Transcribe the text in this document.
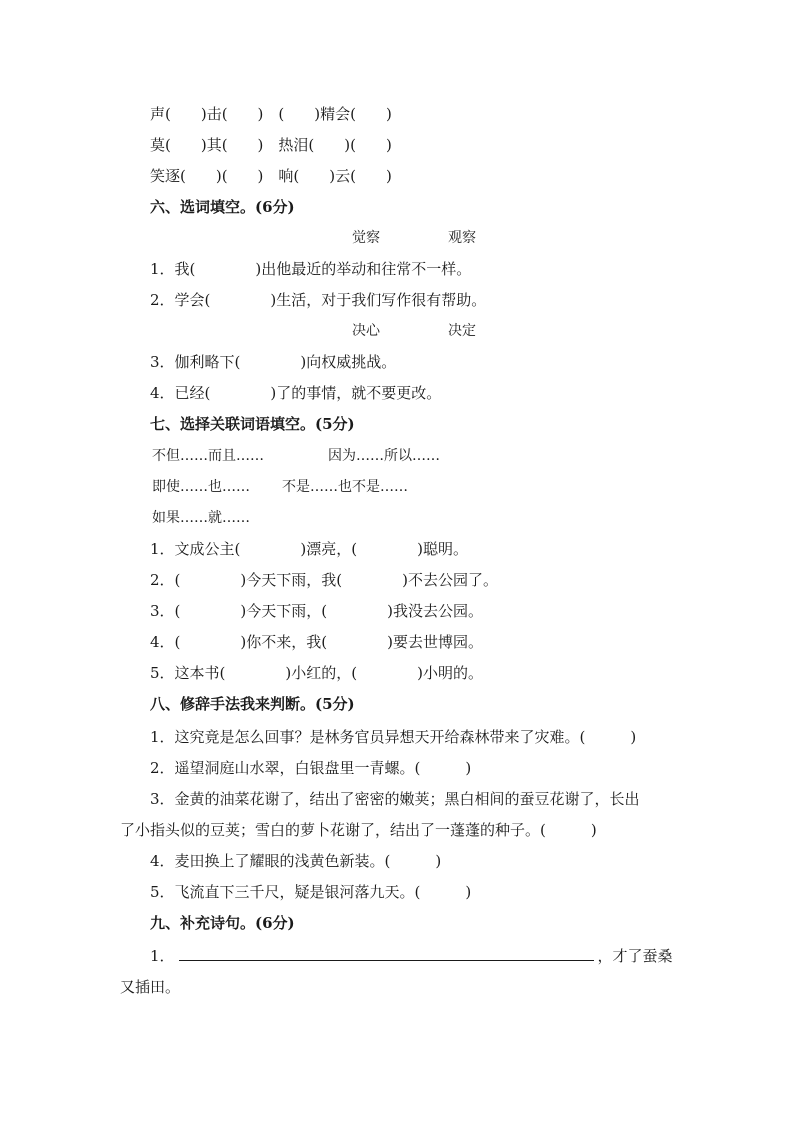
声(　　)击(　　)　(　　)精会(　　)
莫(　　)其(　　)　热泪(　　)(　　)
笑逐(　　)(　　)　响(　　)云(　　)
六、选词填空。(6分)
觉察	观察
1．我(　　　　)出他最近的举动和往常不一样。
2．学会(　　　　)生活，对于我们写作很有帮助。
决心	决定
3．伽利略下(　　　　)向权威挑战。
4．已经(　　　　)了的事情，就不要更改。
七、选择关联词语填空。(5分)
不但……而且……	因为……所以……
即使……也…… 不是……也不是……
如果……就……
1．文成公主(　　　　)漂亮，(　　　　)聪明。
2．(　　　　)今天下雨，我(　　　　)不去公园了。
3．(　　　　)今天下雨，(　　　　)我没去公园。
4．(　　　　)你不来，我(　　　　)要去世博园。
5．这本书(　　　　)小红的，(　　　　)小明的。
八、修辞手法我来判断。(5分)
1．这究竟是怎么回事？是林务官员异想天开给森林带来了灾难。(　　　)
2．遥望洞庭山水翠，白银盘里一青螺。(　　　)
3．金黄的油菜花谢了，结出了密密的嫩荚；黑白相间的蚕豆花谢了，长出
了小指头似的豆荚；雪白的萝卜花谢了，结出了一蓬蓬的种子。(　　　)
4．麦田换上了耀眼的浅黄色新装。(　　　)
5．飞流直下三千尺，疑是银河落九天。(　　　)
九、补充诗句。(6分)
1．	，才了蚕桑
又插田。
